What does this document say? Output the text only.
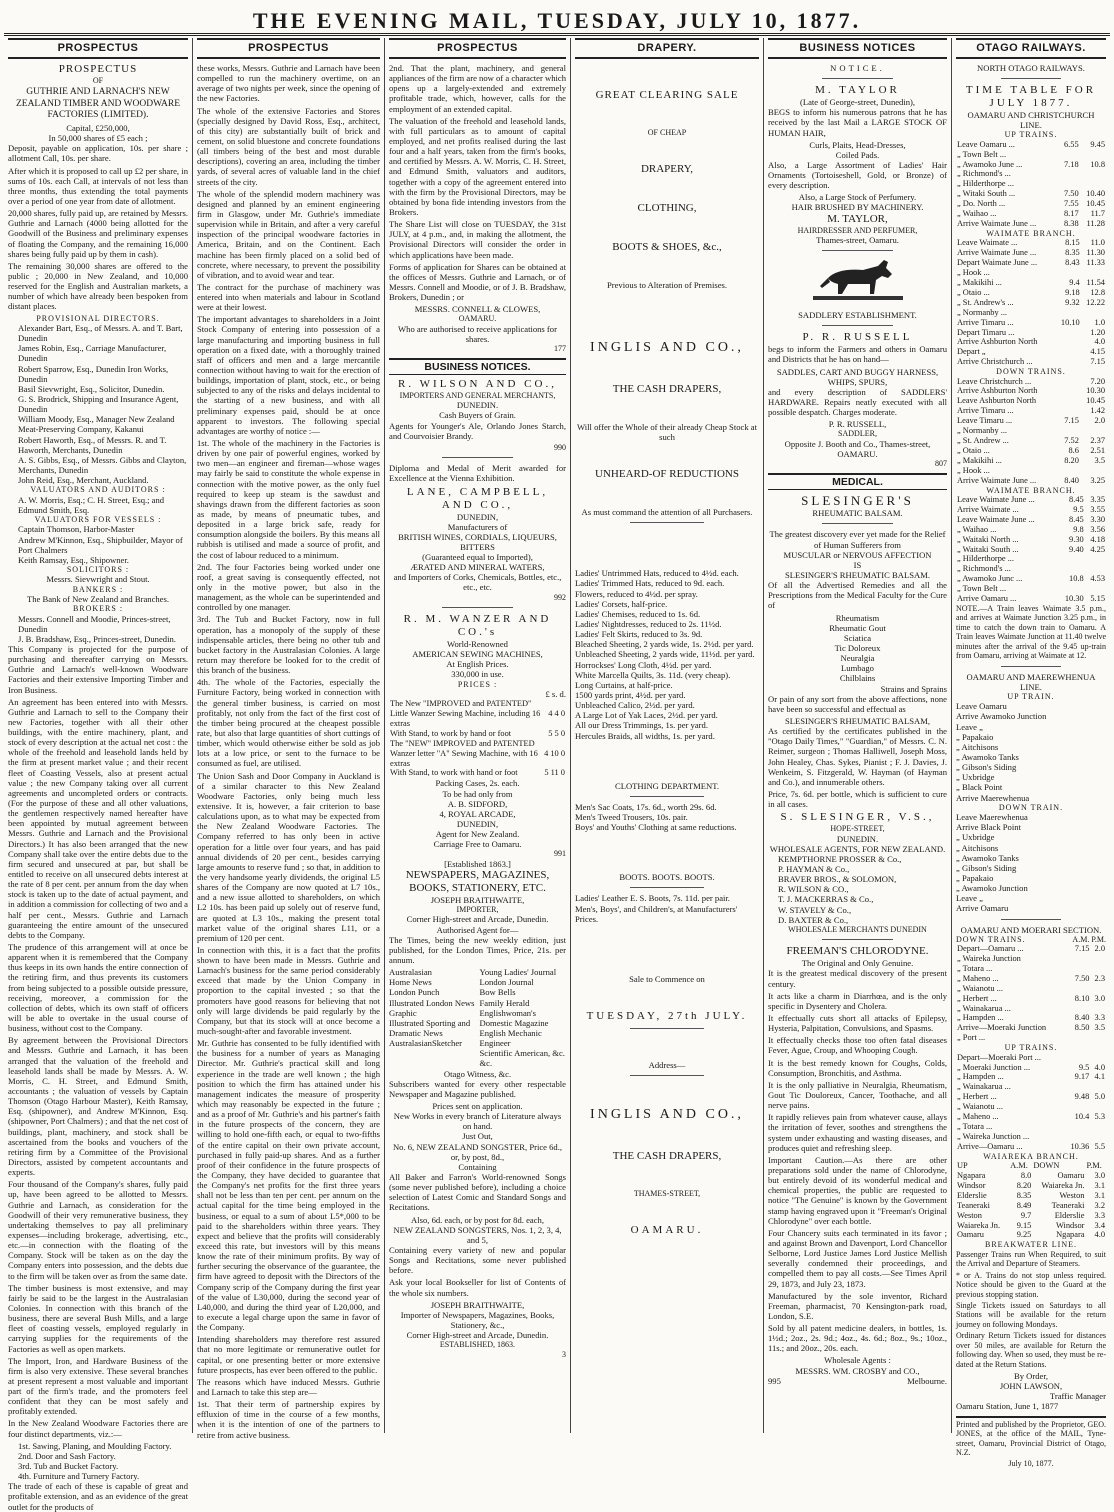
THE EVENING MAIL, TUESDAY, JULY 10, 1877.
PROSPECTUS
PROSPECTUS
OF
GUTHRIE AND LARNACH'S NEW ZEALAND TIMBER AND WOODWARE FACTORIES (LIMITED).
Capital, £250,000,
In 50,000 shares of £5 each ;

Deposit, payable on application, 10s. per share ; allotment Call, 10s. per share.

After which it is proposed to call up £2 per share, in sums of 10s. each Call, at intervals of not less than three months, thus extending the total payments over a period of one year from date of allotment.

20,000 shares, fully paid up, are retained by Messrs. Guthrie and Larnach (4000 being allotted for the Goodwill of the Business and preliminary expenses of floating the Company, and the remaining 16,000 shares being fully paid up by them in cash).

The remaining 30,000 shares are offered to the public ; 20,000 in New Zealand, and 10,000 reserved for the English and Australian markets, a number of which have already been bespoken from distant places.

PROVISIONAL DIRECTORS.
Alexander Bart, Esq., of Messrs. A. and T. Bart, Dunedin
James Robin, Esq., Carriage Manufacturer, Dunedin
Robert Sparrow, Esq., Dunedin Iron Works, Dunedin
Basil Sievwright, Esq., Solicitor, Dunedin.
G. S. Brodrick, Shipping and Insurance Agent, Dunedin
William Moody, Esq., Manager New Zealand Meat-Preserving Company, Kakanui
Robert Haworth, Esq., of Messrs. R. and T. Haworth, Merchants, Dunedin
A. S. Gibbs, Esq., of Messrs. Gibbs and Clayton, Merchants, Dunedin
John Reid, Esq., Merchant, Auckland.
VALUATORS AND AUDITORS :
A. W. Morris, Esq.; C. H. Street, Esq.; and Edmund Smith, Esq.
VALUATORS FOR VESSELS :
Captain Thomson, Harbor-Master
Andrew M'Kinnon, Esq., Shipbuilder, Mayor of Port Chalmers
Keith Ramsay, Esq., Shipowner.
SOLICITORS :
Messrs. Sievwright and Stout.
BANKERS :
The Bank of New Zealand and Branches.
BROKERS :
Messrs. Connell and Moodie, Princes-street, Dunedin
J. B. Bradshaw, Esq., Princes-street, Dunedin.

This Company is projected for the purpose of purchasing and thereafter carrying on Messrs. Guthrie and Larnach's well-known Woodware Factories and their extensive Importing Timber and Iron Business.

An agreement has been entered into with Messrs. Guthrie and Larnach to sell to the Company their new Factories, together with all their other buildings, with the entire machinery, plant, and stock of every description at the actual net cost : the whole of the freehold and leasehold lands held by the firm at present market value ; and their recent fleet of Coasting Vessels, also at present actual value ; the new Company taking over all current agreements and uncompleted orders or contracts. (For the purpose of these and all other valuations, the gentlemen respectively named hereafter have been appointed by mutual agreement between Messrs. Guthrie and Larnach and the Provisional Directors.) It has also been arranged that the new Company shall take over the entire debts due to the firm secured and unsecured at par, but shall be entitled to receive on all unsecured debts interest at the rate of 8 per cent. per annum from the day when stock is taken up to the date of actual payment, and in addition a commission for collecting of two and a half per cent., Messrs. Guthrie and Larnach guaranteeing the entire amount of the unsecured debts to the Company.

The prudence of this arrangement will at once be apparent when it is remembered that the Company thus keeps in its own hands the entire connection of the retiring firm, and thus prevents its customers from being subjected to a possible outside pressure, receiving, moreover, a commission for the collection of debts, which its own staff of officers will be able to overtake in the usual course of business, without cost to the Company.

By agreement between the Provisional Directors and Messrs. Guthrie and Larnach, it has been arranged that the valuation of the freehold and leasehold lands shall be made by Messrs. A. W. Morris, C. H. Street, and Edmund Smith, accountants ; the valuation of vessels by Captain Thomson (Otago Harbour Master), Keith Ramsay, Esq. (shipowner), and Andrew M'Kinnon, Esq. (shipowner, Port Chalmers) ; and that the net cost of buildings, plant, machinery, and stock shall be ascertained from the books and vouchers of the retiring firm by a Committee of the Provisional Directors, assisted by competent accountants and experts.

Four thousand of the Company's shares, fully paid up, have been agreed to be allotted to Messrs. Guthrie and Larnach, as consideration for the Goodwill of their very remunerative business, they undertaking themselves to pay all preliminary expenses—including brokerage, advertising, etc., etc.—in connection with the floating of the Company. Stock will be taken as on the day the Company enters into possession, and the debts due to the firm will be taken over as from the same date.

The timber business is most extensive, and may fairly be said to be the largest in the Australasian Colonies. In connection with this branch of the business, there are several Bush Mills, and a large fleet of coasting vessels, employed regularly in carrying supplies for the requirements of the Factories as well as open markets.

The Import, Iron, and Hardware Business of the firm is also very extensive. These several branches at present represent a most valuable and important part of the firm's trade, and the promoters feel confident that they can be most safely and profitably extended.

In the New Zealand Woodware Factories there are four distinct departments, viz.:—

1st. Sawing, Planing, and Moulding Factory.
2nd. Door and Sash Factory.
3rd. Tub and Bucket Factory.
4th. Furniture and Turnery Factory.

The trade of each of these is capable of great and profitable extension, and as an evidence of the great outlet for the products of

PROSPECTUS

these works, Messrs. Guthrie and Larnach have been compelled to run the machinery overtime, on an average of two nights per week, since the opening of the new Factories.

The whole of the extensive Factories and Stores (specially designed by David Ross, Esq., architect, of this city) are substantially built of brick and cement, on solid bluestone and concrete foundations (all timbers being of the best and most durable descriptions), covering an area, including the timber yards, of several acres of valuable land in the chief streets of the city.

The whole of the splendid modern machinery was designed and planned by an eminent engineering firm in Glasgow, under Mr. Guthrie's immediate supervision while in Britain, and after a very careful inspection of the principal woodware factories in America, Britain, and on the Continent. Each machine has been firmly placed on a solid bed of concrete, where necessary, to prevent the possibility of vibration, and to avoid wear and tear.

The contract for the purchase of machinery was entered into when materials and labour in Scotland were at their lowest.

The important advantages to shareholders in a Joint Stock Company of entering into possession of a large manufacturing and importing business in full operation on a fixed date, with a thoroughly trained staff of officers and men and a large mercantile connection without having to wait for the erection of buildings, importation of plant, stock, etc., or being subjected to any of the risks and delays incidental to the starting of a new business, and with all preliminary expenses paid, should be at once apparent to investors. The following special advantages are worthy of notice :—

1st. The whole of the machinery in the Factories is driven by one pair of powerful engines, worked by two men—an engineer and fireman—whose wages may fairly be said to constitute the whole expense in connection with the motive power, as the only fuel required to keep up steam is the sawdust and shavings drawn from the different factories as soon as made, by means of pneumatic tubes, and deposited in a large brick safe, ready for consumption alongside the boilers. By this means all rubbish is utilised and made a source of profit, and the cost of labour reduced to a minimum.

2nd. The four Factories being worked under one roof, a great saving is consequently effected, not only in the motive power, but also in the management, as the whole can be superintended and controlled by one manager.

3rd. The Tub and Bucket Factory, now in full operation, has a monopoly of the supply of these indispensable articles, there being no other tub and bucket factory in the Australasian Colonies. A large return may therefore be looked for to the credit of this branch of the business.

4th. The whole of the Factories, especially the Furniture Factory, being worked in connection with the general timber business, is carried on most profitably, not only from the fact of the first cost of the timber being procured at the cheapest possible rate, but also that large quantities of short cuttings of timber, which would otherwise either be sold as job lots at a low price, or sent to the furnace to be consumed as fuel, are utilised.

The Union Sash and Door Company in Auckland is of a similar character to this New Zealand Woodware Factories, only being much less extensive. It is, however, a fair criterion to base calculations upon, as to what may be expected from the New Zealand Woodware Factories. The Company referred to has only been in active operation for a little over four years, and has paid annual dividends of 20 per cent., besides carrying large amounts to reserve fund ; so that, in addition to the very handsome yearly dividends, the original L5 shares of the Company are now quoted at L7 10s., and a new issue allotted to shareholders, on which L2 10s. has been paid up solely out of reserve fund, are quoted at L3 10s., making the present total market value of the original shares L11, or a premium of 120 per cent.

In connection with this, it is a fact that the profits shown to have been made in Messrs. Guthrie and Larnach's business for the same period considerably exceed that made by the Union Company in proportion to the capital invested ; so that the promoters have good reasons for believing that not only will large dividends be paid regularly by the Company, but that its stock will at once become a much-sought-after and favorable investment.

Mr. Guthrie has consented to be fully identified with the business for a number of years as Managing Director. Mr. Guthrie's practical skill and long experience in the trade are well known ; the high position to which the firm has attained under his management indicates the measure of prosperity which may reasonably be expected in the future ; and as a proof of Mr. Guthrie's and his partner's faith in the future prospects of the concern, they are willing to hold one-fifth each, or equal to two-fifths of the entire capital on their own private account, purchased in fully paid-up shares. And as a further proof of their confidence in the future prospects of the Company, they have decided to guarantee that the Company's net profits for the first three years shall not be less than ten per cent. per annum on the actual capital for the time being employed in the business, or equal to a sum of about L5*,000 to be paid to the shareholders within three years. They expect and believe that the profits will considerably exceed this rate, but investors will by this means know the rate of their minimum profits. By way of further securing the observance of the guarantee, the firm have agreed to deposit with the Directors of the Company scrip of the Company during the first year of the value of L30,000, during the second year of L40,000, and during the third year of L20,000, and to execute a legal charge upon the same in favor of the Company.

Intending shareholders may therefore rest assured that no more legitimate or remunerative outlet for capital, or one presenting better or more extensive future prospects, has ever been offered to the public.

The reasons which have induced Messrs. Guthrie and Larnach to take this step are—

1st. That their term of partnership expires by effluxion of time in the course of a few months, when it is the intention of one of the partners to retire from active business.

PROSPECTUS

2nd. That the plant, machinery, and general appliances of the firm are now of a character which opens up a largely-extended and extremely profitable trade, which, however, calls for the employment of an extended capital.

The valuation of the freehold and leasehold lands, with full particulars as to amount of capital employed, and net profits realised during the last four and a half years, taken from the firm's books, and certified by Messrs. A. W. Morris, C. H. Street, and Edmund Smith, valuators and auditors, together with a copy of the agreement entered into with the firm by the Provisional Directors, may be obtained by bona fide intending investors from the Brokers.

The Share List will close on TUESDAY, the 31st JULY, at 4 p.m., and, in making the allotment, the Provisional Directors will consider the order in which applications have been made.

Forms of application for Shares can be obtained at the offices of Messrs. Guthrie and Larnach, or of Messrs. Connell and Moodie, or of J. B. Bradshaw, Brokers, Dunedin ; or

MESSRS. CONNELL & CLOWES,
OAMARU.
Who are authorised to receive applications for shares.
177
BUSINESS NOTICES.
R. WILSON AND CO.,
IMPORTERS AND GENERAL MERCHANTS,
DUNEDIN.
Cash Buyers of Grain.

Agents for Younger's Ale, Orlando Jones Starch, and Courvoisier Brandy.

990

Diploma and Medal of Merit awarded for Excellence at the Vienna Exhibition.

LANE, CAMPBELL, AND CO.,
DUNEDIN,
Manufacturers of
BRITISH WINES, CORDIALS, LIQUEURS, BITTERS
(Guaranteed equal to Imported),
ÆRATED AND MINERAL WATERS,
and Importers of Corks, Chemicals, Bottles, etc., etc., etc.
992
R. M. WANZER AND CO.'s
World-Renowned
AMERICAN SEWING MACHINES,
At English Prices.
330,000 in use.
PRICES :
£ s. d.
The New "IMPROVED and PATENTED" Little Wanzer Sewing Machine, including 16 extras	4 4 0
With Stand, to work by hand or foot	5 5 0
The "NEW" IMPROVED and PATENTED Wanzer letter "A" Sewing Machine, with 16 extras	4 10 0
With Stand, to work with hand or foot	5 11 0
Packing Cases, 2s. each.
To be had only from
A. B. SIDFORD,
4, ROYAL ARCADE,
DUNEDIN,
Agent for New Zealand.
Carriage Free to Oamaru.
991
[Established 1863.]
NEWSPAPERS, MAGAZINES, BOOKS, STATIONERY, ETC.
JOSEPH BRAITHWAITE,
IMPORTER,
Corner High-street and Arcade, Dunedin.
Authorised Agent for—

The Times, being the new weekly edition, just published, for the London Times, Price, 21s. per annum.

Australasian
Home News
London Punch
Illustrated London News
Graphic
Illustrated Sporting and Dramatic News
AustralasianSketcher
Young Ladies' Journal
London Journal
Bow Bells
Family Herald
Englishwoman's Domestic Magazine
English Mechanic
Engineer
Scientific American, &c.
&c.
Otago Witness, &c.

Subscribers wanted for every other respectable Newspaper and Magazine published.

Prices sent on application.
New Works in every branch of Literature always on hand.
Just Out,
No. 6, NEW ZEALAND SONGSTER, Price 6d., or, by post, 8d.,
Containing

All Baker and Farron's World-renowned Songs (some never published before), including a choice selection of Latest Comic and Standard Songs and Recitations.

Also, 6d. each, or by post for 8d. each,
NEW ZEALAND SONGSTERS, Nos. 1, 2, 3, 4, and 5,

Containing every variety of new and popular Songs and Recitations, some never published before.

Ask your local Bookseller for list of Contents of the whole six numbers.

JOSEPH BRAITHWAITE,
Importer of Newspapers, Magazines, Books, Stationery, &c.,
Corner High-street and Arcade, Dunedin.
ESTABLISHED, 1863.
3
DRAPERY.
GREAT CLEARING SALE
OF CHEAP
DRAPERY,
CLOTHING,
BOOTS & SHOES, &c.,
Previous to Alteration of Premises.
INGLIS AND CO.,
THE CASH DRAPERS,
Will offer the Whole of their already Cheap Stock at such
UNHEARD-OF REDUCTIONS
As must command the attention of all Purchasers.
Ladies' Untrimmed Hats, reduced to 4½d. each.
Ladies' Trimmed Hats, reduced to 9d. each.
Flowers, reduced to 4½d. per spray.
Ladies' Corsets, half-price.
Ladies' Chemises, reduced to 1s. 6d.
Ladies' Nightdresses, reduced to 2s. 11½d.
Ladies' Felt Skirts, reduced to 3s. 9d.
Bleached Sheeting, 2 yards wide, 1s. 2½d. per yard.
Unbleached Sheeting, 2 yards wide, 11½d. per yard.
Horrockses' Long Cloth, 4½d. per yard.
White Marcella Quilts, 3s. 11d. (very cheap).
Long Curtains, at half-price.
1500 yards print, 4½d. per yard.
Unbleached Calico, 2½d. per yard.
A Large Lot of Yak Laces, 2½d. per yard.
All our Dress Trimmings, 1s. per yard.
Hercules Braids, all widths, 1s. per yard.
CLOTHING DEPARTMENT.
Men's Sac Coats, 17s. 6d., worth 29s. 6d.
Men's Tweed Trousers, 10s. pair.
Boys' and Youths' Clothing at same reductions.
BOOTS. BOOTS. BOOTS.
Ladies' Leather E. S. Boots, 7s. 11d. per pair.
Men's, Boys', and Children's, at Manufacturers' Prices.
Sale to Commence on
TUESDAY, 27th JULY.
Address—
INGLIS AND CO.,
THE CASH DRAPERS,
THAMES-STREET,
OAMARU.
BUSINESS NOTICES
NOTICE.
M. TAYLOR
(Late of George-street, Dunedin),

BEGS to inform his numerous patrons that he has received by the last Mail a LARGE STOCK OF HUMAN HAIR,

Curls, Plaits, Head-Dresses,
Coiled Pads.

Also, a Large Assortment of Ladies' Hair Ornaments (Tortoiseshell, Gold, or Bronze) of every description.

Also, a Large Stock of Perfumery.
HAIR BRUSHED BY MACHINERY.
M. TAYLOR,
HAIRDRESSER AND PERFUMER,
Thames-street, Oamaru.
SADDLERY ESTABLISHMENT.
P. R. RUSSELL

begs to inform the Farmers and others in Oamaru and Districts that he has on hand—

SADDLES, CART AND BUGGY HARNESS, WHIPS, SPURS,

and every description of SADDLERS' HARDWARE. Repairs neatly executed with all possible despatch. Charges moderate.

P. R. RUSSELL,
SADDLER,
Opposite J. Booth and Co., Thames-street, OAMARU.
807
MEDICAL.
SLESINGER'S
RHEUMATIC BALSAM.
The greatest discovery ever yet made for the Relief of Human Sufferers from
MUSCULAR or NERVOUS AFFECTION
IS
SLESINGER'S RHEUMATIC BALSAM.

Of all the Advertised Remedies and all the Prescriptions from the Medical Faculty for the Cure of

Rheumatism
Rheumatic Gout
Sciatica
Tic Doloreux
Neuralgia
Lumbago
Chilblains
Strains and Sprains

Or pain of any sort from the above affections, none have been so successful and effectual as

SLESINGER'S RHEUMATIC BALSAM,

As certified by the certificates published in the "Otago Daily Times," "Guardian," of Messrs. C. N. Reimer, surgeon ; Thomas Halliwell, Joseph Moss, John Healey, Chas. Sykes, Pianist ; F. J. Davies, J. Wenkeim, S. Fitzgerald, W. Hayman (of Hayman and Co.), and innumerable others.

Price, 7s. 6d. per bottle, which is sufficient to cure in all cases.

S. SLESINGER, V.S.,
HOPE-STREET,
DUNEDIN.
WHOLESALE AGENTS, FOR NEW ZEALAND.
KEMPTHORNE PROSSER & Co.,
P. HAYMAN & Co.,
BRAVER BROS., & SOLOMON,
R. WILSON & CO.,
T. J. MACKERRAS & Co.,
W. STAVELY & Co.,
D. BAXTER & Co.,
WHOLESALE MERCHANTS DUNEDIN
FREEMAN'S CHLORODYNE.
The Original and Only Genuine.

It is the greatest medical discovery of the present century.

It acts like a charm in Diarrhœa, and is the only specific in Dysentery and Cholera.

It effectually cuts short all attacks of Epilepsy, Hysteria, Palpitation, Convulsions, and Spasms.

It effectually checks those too often fatal diseases Fever, Ague, Croup, and Whooping Cough.

It is the best remedy known for Coughs, Colds, Consumption, Bronchitis, and Asthma.

It is the only palliative in Neuralgia, Rheumatism, Gout Tic Douloreux, Cancer, Toothache, and all nerve pains.

It rapidly relieves pain from whatever cause, allays the irritation of fever, soothes and strengthens the system under exhausting and wasting diseases, and produces quiet and refreshing sleep.

Important Caution.—As there are other preparations sold under the name of Chlorodyne, but entirely devoid of its wonderful medical and chemical properties, the public are requested to notice "The Genuine" is known by the Government stamp having engraved upon it "Freeman's Original Chlorodyne" over each bottle.

Four Chancery suits each terminated in its favor ; and against Brown and Davenport, Lord Chancellor Selborne, Lord Justice James Lord Justice Mellish severally condemned their proceedings, and compelled them to pay all costs.—See Times April 29, 1873, and July 23, 1873.

Manufactured by the sole inventor, Richard Freeman, pharmacist, 70 Kensington-park road, London, S.E.

Sold by all patent medicine dealers, in bottles, 1s. 1½d.; 2oz., 2s. 9d.; 4oz., 4s. 6d.; 8oz., 9s.; 10oz., 11s.; and 20oz., 20s. each.

Wholesale Agents :
MESSRS. WM. CROSBY and CO.,
995	Melbourne.
OTAGO RAILWAYS.
NORTH OTAGO RAILWAYS.
TIME TABLE FOR JULY 1877.
OAMARU AND CHRISTCHURCH LINE.
UP TRAINS.
Leave Oamaru ...	6.55	9.45
„ Town Belt ...		
„ Awamoko June ...	7.18	10.8
„ Richmond's ...		
„ Hilderthorpe ...		
„ Witaki South ...	7.50	10.40
„ Do. North ...	7.55	10.45
„ Waihao ...	8.17	11.7
Arrive Waimate June ...	8.38	11.28
WAIMATE BRANCH.
Leave Waimate ...	8.15	11.0
Arrive Waimate June ...	8.35	11.30
Depart Waimate June ...	8.43	11.33
„ Hook ...		
„ Makikihi ...	9.4	11.54
„ Otaio ...	9.18	12.8
„ St. Andrew's ...	9.32	12.22
„ Normanby ...		
Arrive Timaru ...	10.10	1.0
Depart Timaru ...		1.20
Arrive Ashburton North		4.0
Depart „		4.15
Arrive Christchurch ...		7.15
DOWN TRAINS.
Leave Christchurch ...		7.20
Arrive Ashburton North		10.30
Leave Ashburton North		10.45
Arrive Timaru ...		1.42
Leave Timaru ...	7.15	2.0
„ Normanby ...		
„ St. Andrew ...	7.52	2.37
„ Otaio ...	8.6	2.51
„ Makikihi ...	8.20	3.5
„ Hook ...		
Arrive Waimate June ...	8.40	3.25
WAIMATE BRANCH.
Leave Waimate June ...	8.45	3.35
Arrive Waimate ...	9.5	3.55
Leave Waimate June ...	8.45	3.30
„ Waihao ...	9.8	3.56
„ Waitaki North ...	9.30	4.18
„ Waitaki South ...	9.40	4.25
„ Hilderthorpe ...		
„ Richmond's ...		
„ Awamoko Junc ...	10.8	4.53
„ Town Belt ...		
Arrive Oamaru ...	10.30	5.15

NOTE.—A Train leaves Waimate 3.5 p.m., and arrives at Waimate Junction 3.25 p.m., in time to catch the down train to Oamaru. A Train leaves Waimate Junction at 11.40 twelve minutes after the arrival of the 9.45 up-train from Oamaru, arriving at Waimate at 12.

OAMARU AND MAEREWHENUA LINE.
UP TRAIN.
Leave Oamaru
Arrive Awamoko Junction
Leave „
„ Papakaio
„ Aitchisons
„ Awamoko Tanks
„ Gibson's Siding
„ Uxbridge
„ Black Point
Arrive Maerewhenua
DOWN TRAIN.
Leave Maerewhenua
Arrive Black Point
„ Uxbridge
„ Aitchisons
„ Awamoko Tanks
„ Gibson's Siding
„ Papakaio
„ Awamoko Junction
Leave „
Arrive Oamaru
OAMARU AND MOERARI SECTION.
DOWN TRAINS.	A.M. P.M.
Depart—Oamaru ...	7.15	2.0
„ Waireka Junction		
„ Totara ...		
„ Maheno ...	7.50	2.3
„ Waianotu ...		
„ Herbert ...	8.10	3.0
„ Wainakarua ...		
„ Hampden ...	8.40	3.3
Arrive—Moeraki Junction	8.50	3.5
„ Port ...		
UP TRAINS.
Depart—Moeraki Port ...		
„ Moeraki Junction ...	9.5	4.0
„ Hampden ...	9.17	4.1
„ Wainakarua ...		
„ Herbert ...	9.48	5.0
„ Waianotu ...		
„ Maheno ...	10.4	5.3
„ Totara ...		
„ Waireka Junction ...		
Arrive—Oamaru ...	10.36	5.5
WAIAREKA BRANCH.
UP	A.M.	DOWN	P.M.
Ngapara	8.0	Oamaru	3.0
Windsor	8.20	Waiareka Jn.	3.1
Elderslie	8.35	Weston	3.1
Teaneraki	8.49	Teaneraki	3.2
Weston	9.7	Elderslie	3.3
Waiareka Jn.	9.15	Windsor	3.4
Oamaru	9.25	Ngapara	4.0
BREAKWATER LINE.

Passenger Trains run When Required, to suit the Arrival and Departure of Steamers.

* or A. Trains do not stop unless required. Notice should be given to the Guard at the previous stopping station.

Single Tickets issued on Saturdays to all Stations will be available for the return journey on following Mondays.

Ordinary Return Tickets issued for distances over 50 miles, are available for Return the following day. When so used, they must be re-dated at the Return Stations.

By Order,
JOHN LAWSON,
Traffic Manager
Oamaru Station, June 1, 1877

Printed and published by the Proprietor, GEO. JONES, at the office of the MAIL, Tyne-street, Oamaru, Provincial District of Otago, N.Z.

July 10, 1877.
